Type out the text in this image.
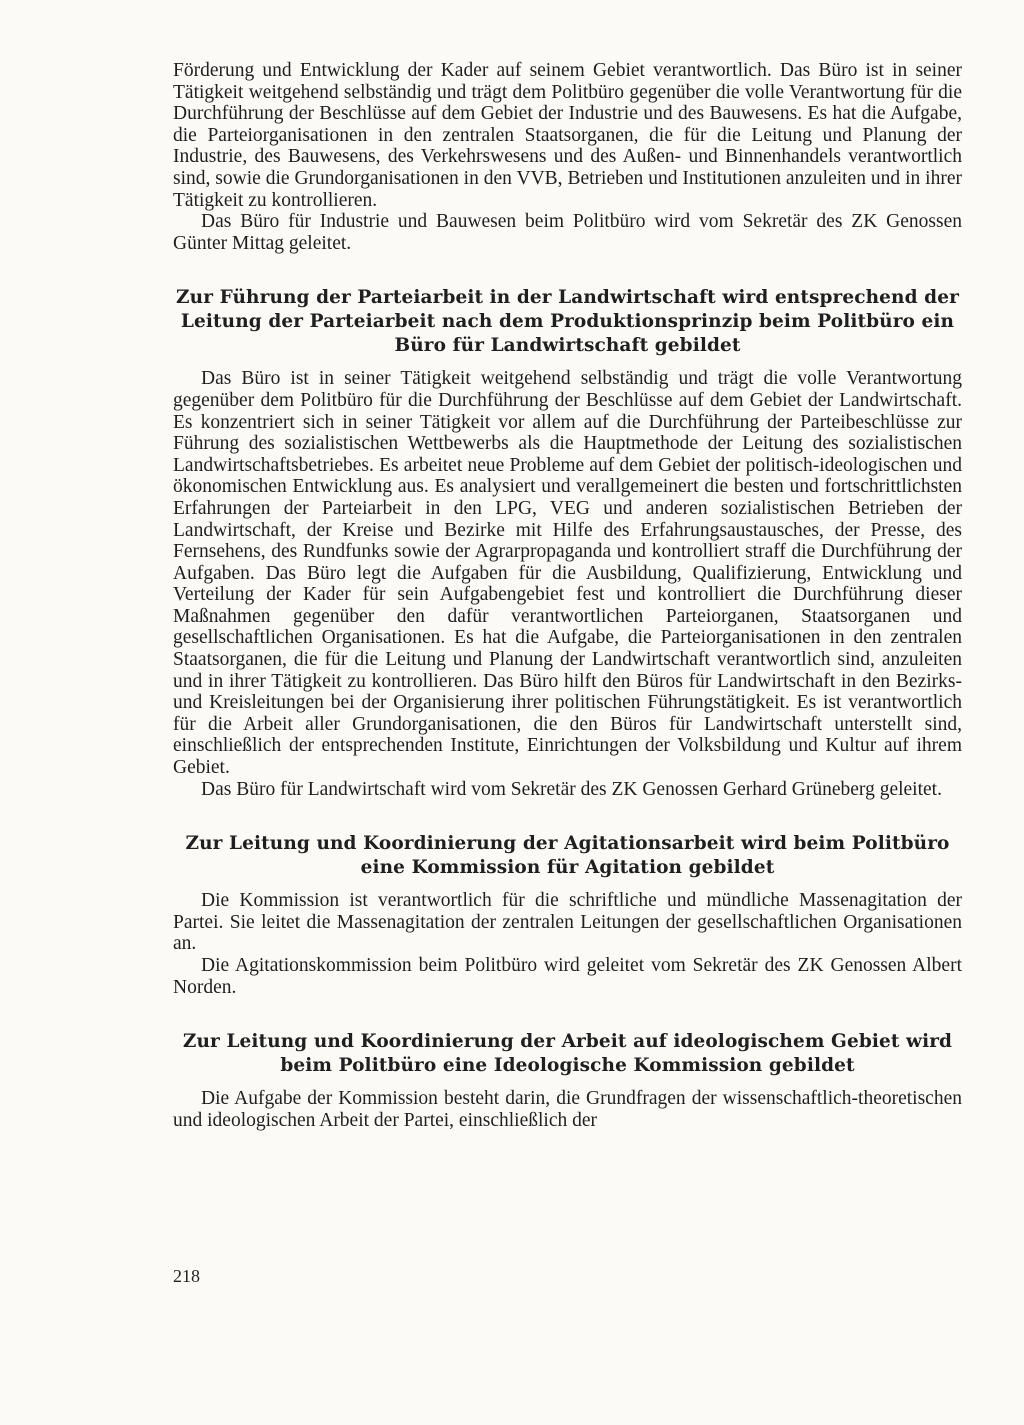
Förderung und Entwicklung der Kader auf seinem Gebiet verantwortlich. Das Büro ist in seiner Tätigkeit weitgehend selbständig und trägt dem Politbüro gegenüber die volle Verantwortung für die Durchführung der Beschlüsse auf dem Gebiet der Industrie und des Bauwesens. Es hat die Aufgabe, die Parteiorganisationen in den zentralen Staatsorganen, die für die Leitung und Planung der Industrie, des Bauwesens, des Verkehrswesens und des Außen- und Binnenhandels verantwortlich sind, sowie die Grundorganisationen in den VVB, Betrieben und Institutionen anzuleiten und in ihrer Tätigkeit zu kontrollieren.

Das Büro für Industrie und Bauwesen beim Politbüro wird vom Sekretär des ZK Genossen Günter Mittag geleitet.

Zur Führung der Parteiarbeit in der Landwirtschaft wird entsprechend der Leitung der Parteiarbeit nach dem Produktionsprinzip beim Politbüro ein Büro für Landwirtschaft gebildet

Das Büro ist in seiner Tätigkeit weitgehend selbständig und trägt die volle Verantwortung gegenüber dem Politbüro für die Durchführung der Beschlüsse auf dem Gebiet der Landwirtschaft. Es konzentriert sich in seiner Tätigkeit vor allem auf die Durchführung der Parteibeschlüsse zur Führung des sozialistischen Wettbewerbs als die Hauptmethode der Leitung des sozialistischen Landwirtschaftsbetriebes. Es arbeitet neue Probleme auf dem Gebiet der politisch-ideologischen und ökonomischen Entwicklung aus. Es analysiert und verallgemeinert die besten und fortschrittlichsten Erfahrungen der Parteiarbeit in den LPG, VEG und anderen sozialistischen Betrieben der Landwirtschaft, der Kreise und Bezirke mit Hilfe des Erfahrungsaustausches, der Presse, des Fernsehens, des Rundfunks sowie der Agrarpropaganda und kontrolliert straff die Durchführung der Aufgaben. Das Büro legt die Aufgaben für die Ausbildung, Qualifizierung, Entwicklung und Verteilung der Kader für sein Aufgabengebiet fest und kontrolliert die Durchführung dieser Maßnahmen gegenüber den dafür verantwortlichen Parteiorganen, Staatsorganen und gesellschaftlichen Organisationen. Es hat die Aufgabe, die Parteiorganisationen in den zentralen Staatsorganen, die für die Leitung und Planung der Landwirtschaft verantwortlich sind, anzuleiten und in ihrer Tätigkeit zu kontrollieren. Das Büro hilft den Büros für Landwirtschaft in den Bezirks- und Kreisleitungen bei der Organisierung ihrer politischen Führungstätigkeit. Es ist verantwortlich für die Arbeit aller Grundorganisationen, die den Büros für Landwirtschaft unterstellt sind, einschließlich der entsprechenden Institute, Einrichtungen der Volksbildung und Kultur auf ihrem Gebiet.

Das Büro für Landwirtschaft wird vom Sekretär des ZK Genossen Gerhard Grüneberg geleitet.

Zur Leitung und Koordinierung der Agitationsarbeit wird beim Politbüro eine Kommission für Agitation gebildet

Die Kommission ist verantwortlich für die schriftliche und mündliche Massenagitation der Partei. Sie leitet die Massenagitation der zentralen Leitungen der gesellschaftlichen Organisationen an.

Die Agitationskommission beim Politbüro wird geleitet vom Sekretär des ZK Genossen Albert Norden.

Zur Leitung und Koordinierung der Arbeit auf ideologischem Gebiet wird beim Politbüro eine Ideologische Kommission gebildet

Die Aufgabe der Kommission besteht darin, die Grundfragen der wissenschaftlich-theoretischen und ideologischen Arbeit der Partei, einschließlich der

218
